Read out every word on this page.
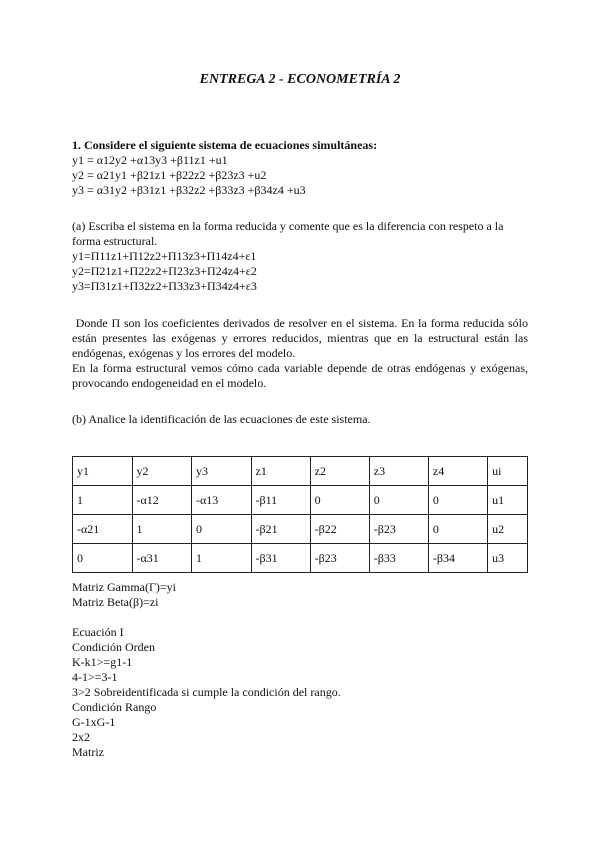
ENTREGA 2 - ECONOMETRÍA 2
1. Considere el siguiente sistema de ecuaciones simultáneas:
y1 = α12y2 +α13y3 +β11z1 +u1
y2 = α21y1 +β21z1 +β22z2 +β23z3 +u2
y3 = α31y2 +β31z1 +β32z2 +β33z3 +β34z4 +u3
(a) Escriba el sistema en la forma reducida y comente que es la diferencia con respeto a la forma estructural.
y1=Π11z1+Π12z2+Π13z3+Π14z4+ε1
y2=Π21z1+Π22z2+Π23z3+Π24z4+ε2
y3=Π31z1+Π32z2+Π33z3+Π34z4+ε3
Donde Π son los coeficientes derivados de resolver en el sistema. En la forma reducida sólo están presentes las exógenas y errores reducidos, mientras que en la estructural están las endógenas, exógenas y los errores del modelo.
En la forma estructural vemos cómo cada variable depende de otras endógenas y exógenas, provocando endogeneidad en el modelo.
(b) Analice la identificación de las ecuaciones de este sistema.
y1	y2	y3	z1	z2	z3	z4	ui
1	-α12	-α13	-β11	0	0	0	u1
-α21	1	0	-β21	-β22	-β23	0	u2
0	-α31	1	-β31	-β23	-β33	-β34	u3
Matriz Gamma(Γ)=yi
Matriz Beta(β)=zi
Ecuación I
Condición Orden
K-k1>=g1-1
4-1>=3-1
3>2 Sobreidentificada si cumple la condición del rango.
Condición Rango
G-1xG-1
2x2
Matriz
